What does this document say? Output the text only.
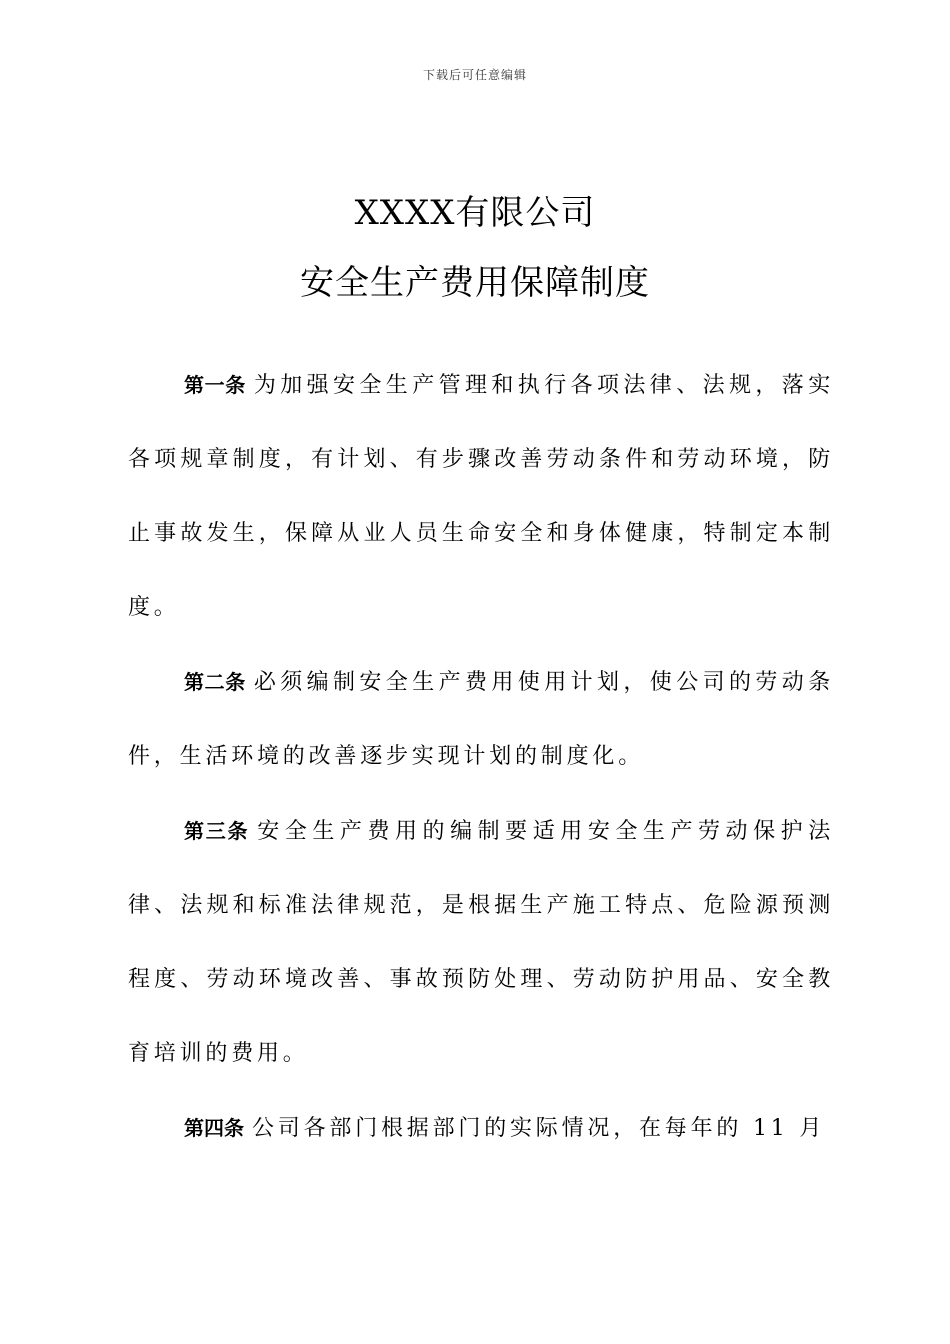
下载后可任意编辑
XXXX有限公司
安全生产费用保障制度

第一条 为加强安全生产管理和执行各项法律、法规，落实各项规章制度，有计划、有步骤改善劳动条件和劳动环境，防止事故发生，保障从业人员生命安全和身体健康，特制定本制度。

第二条 必须编制安全生产费用使用计划，使公司的劳动条件，生活环境的改善逐步实现计划的制度化。

第三条 安全生产费用的编制要适用安全生产劳动保护法律、法规和标准法律规范，是根据生产施工特点、危险源预测程度、劳动环境改善、事故预防处理、劳动防护用品、安全教育培训的费用。

第四条 公司各部门根据部门的实际情况，在每年的 11 月
